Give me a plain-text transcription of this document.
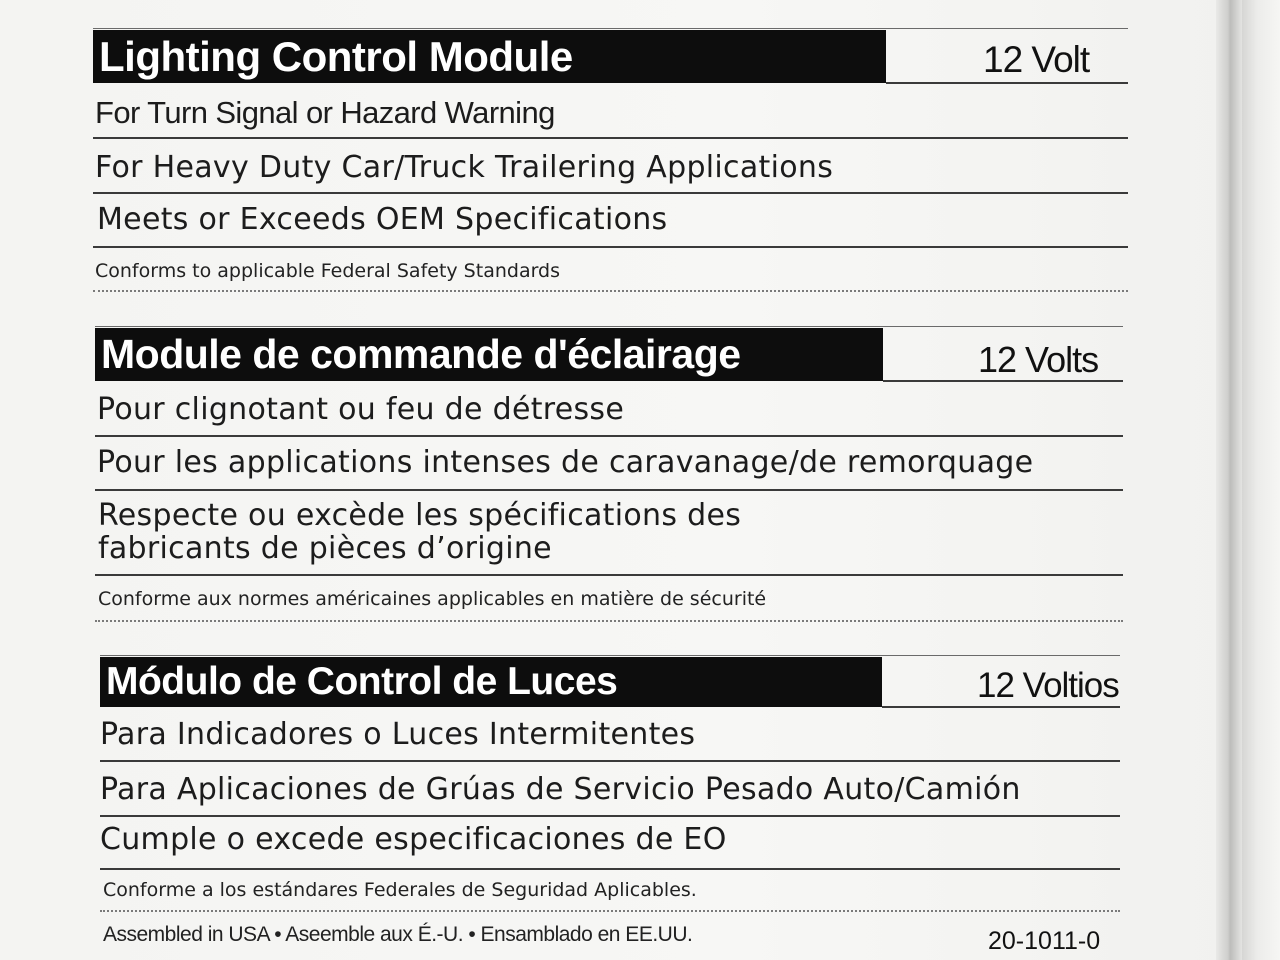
Lighting Control Module	12 Volt
For Turn Signal or Hazard Warning
For Heavy Duty Car/Truck Trailering Applications
Meets or Exceeds OEM Specifications
Conforms to applicable Federal Safety Standards
Module de commande d'éclairage	12 Volts
Pour clignotant ou feu de détresse
Pour les applications intenses de caravanage/de remorquage
Respecte ou excède les spécifications des
fabricants de pièces d’origine
Conforme aux normes américaines applicables en matière de sécurité
Módulo de Control de Luces	12 Voltios
Para Indicadores o Luces Intermitentes
Para Aplicaciones de Grúas de Servicio Pesado Auto/Camión
Cumple o excede especificaciones de EO
Conforme a los estándares Federales de Seguridad Aplicables.
Assembled in USA • Aseemble aux É.-U. • Ensamblado en EE.UU.	20-1011-0
